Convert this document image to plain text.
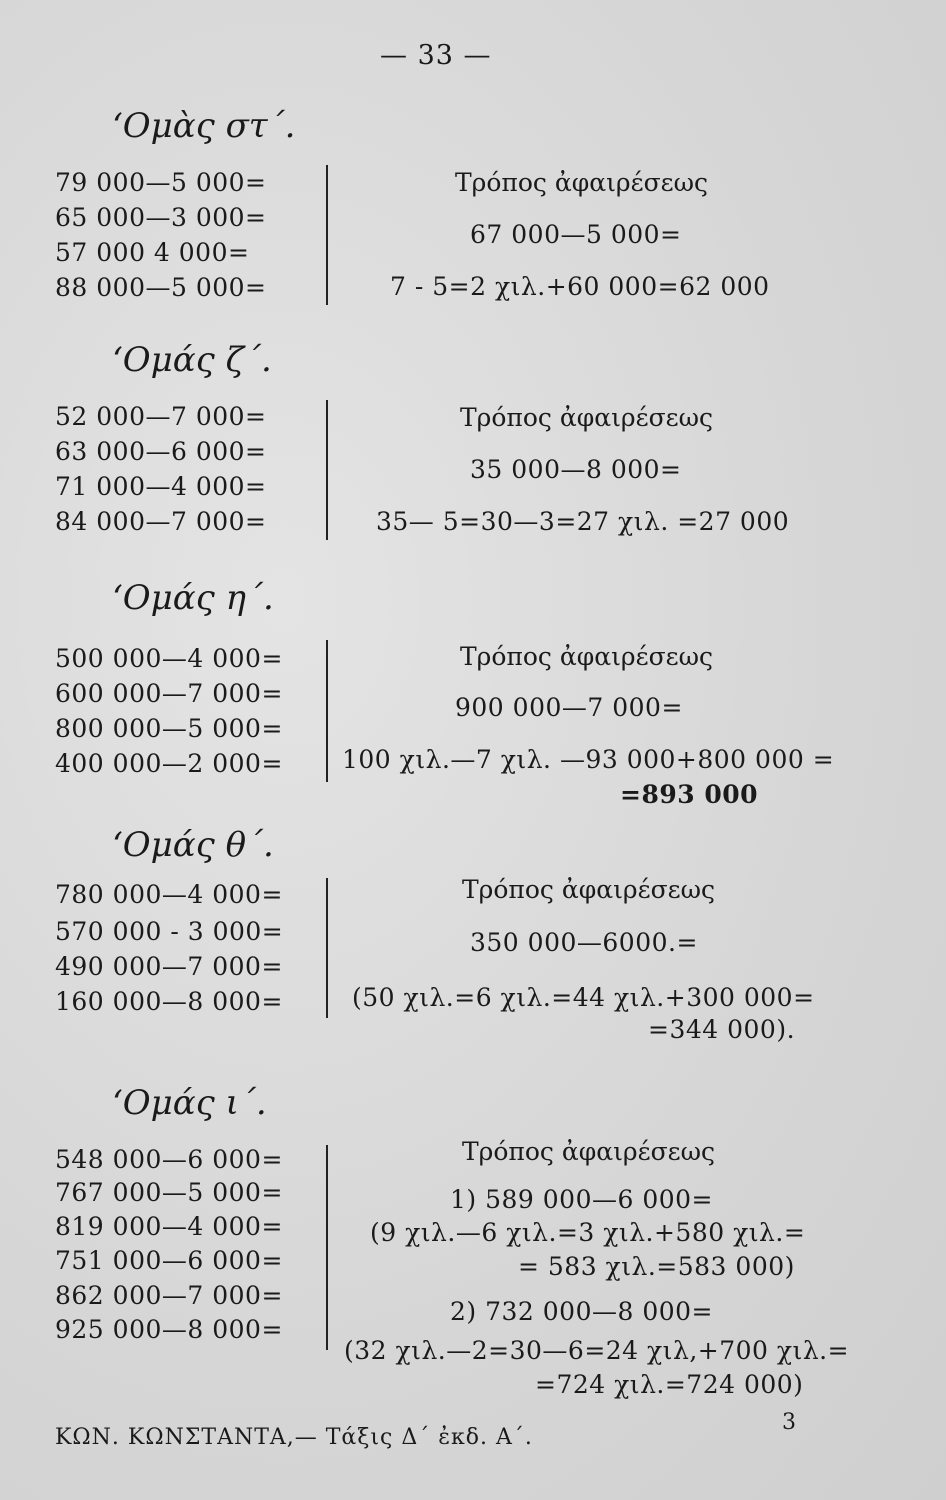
— 33 —
‘Ομὰς στ΄.
79 000—5 000=
65 000—3 000=
57 000 4 000=
88 000—5 000=
Τρόπος ἀφαιρέσεως
67 000—5 000=
7 - 5=2 χιλ.+60 000=62 000
‘Ομάς ζ΄.
52 000—7 000=
63 000—6 000=
71 000—4 000=
84 000—7 000=
Τρόπος ἀφαιρέσεως
35 000—8 000=
35— 5=30—3=27 χιλ. =27 000
‘Ομάς η΄.
500 000—4 000=
600 000—7 000=
800 000—5 000=
400 000—2 000=
Τρόπος ἀφαιρέσεως
900 000—7 000=
100 χιλ.—7 χιλ. —93 000+800 000 =
=893 000
‘Ομάς θ΄.
780 000—4 000=
570 000 - 3 000=
490 000—7 000=
160 000—8 000=
Τρόπος ἀφαιρέσεως
350 000—6000.=
(50 χιλ.=6 χιλ.=44 χιλ.+300 000=
=344 000).
‘Ομάς ι΄.
548 000—6 000=
767 000—5 000=
819 000—4 000=
751 000—6 000=
862 000—7 000=
925 000—8 000=
Τρόπος ἀφαιρέσεως
1) 589 000—6 000=
(9 χιλ.—6 χιλ.=3 χιλ.+580 χιλ.=
= 583 χιλ.=583 000)
2) 732 000—8 000=
(32 χιλ.—2=30—6=24 χιλ,+700 χιλ.=
=724 χιλ.=724 000)
ΚΩΝ. ΚΩΝΣΤΑΝΤΑ,— Τάξις Δ΄ ἐκδ. Α΄.
3
